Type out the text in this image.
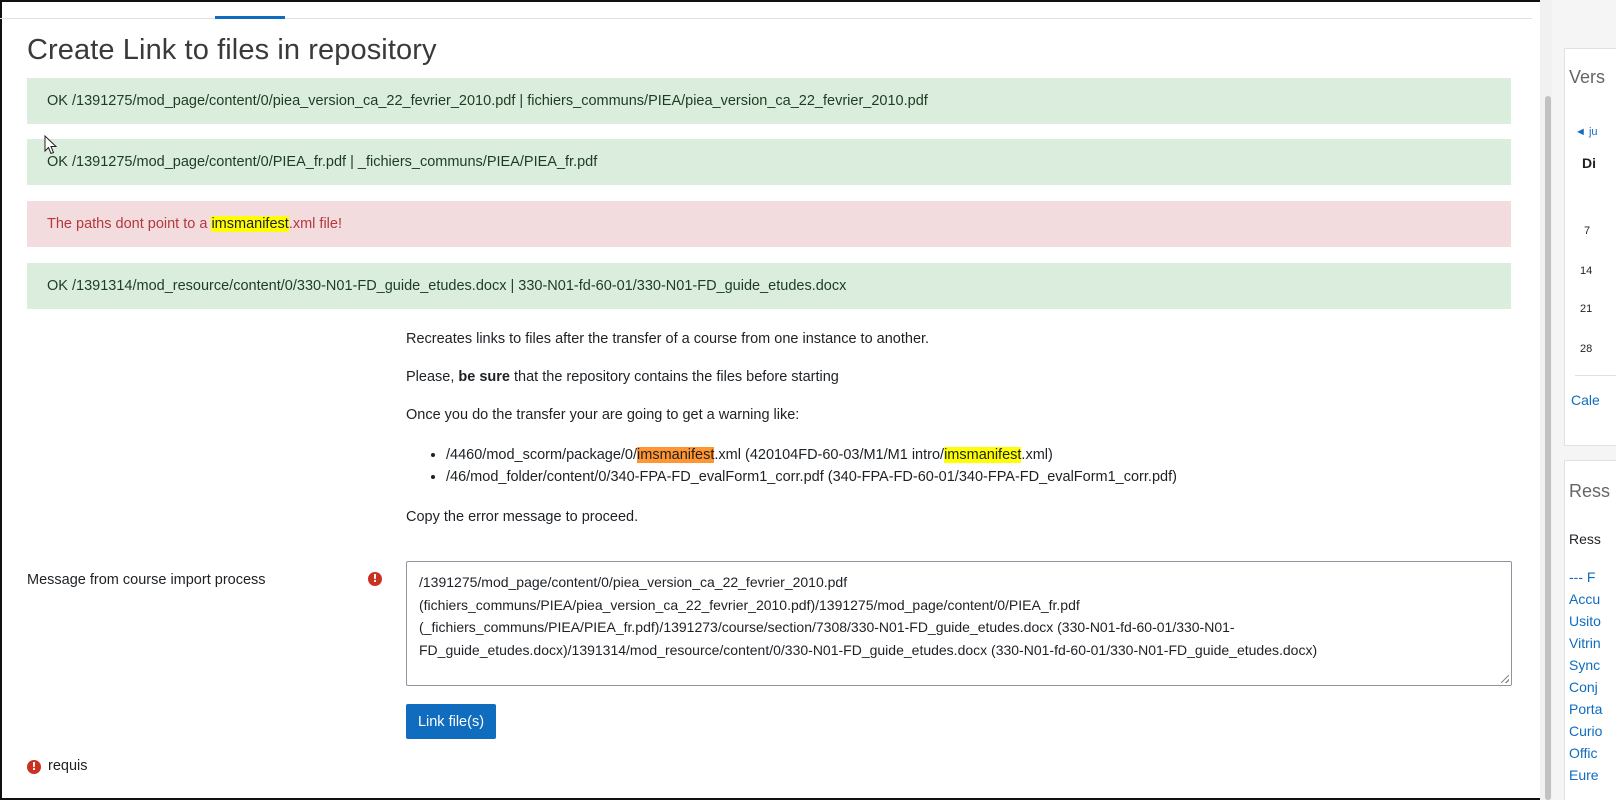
Create Link to files in repository
OK /1391275/mod_page/content/0/piea_version_ca_22_fevrier_2010.pdf | fichiers_communs/PIEA/piea_version_ca_22_fevrier_2010.pdf
OK /1391275/mod_page/content/0/PIEA_fr.pdf | _fichiers_communs/PIEA/PIEA_fr.pdf
The paths dont point to a imsmanifest.xml file!
OK /1391314/mod_resource/content/0/330-N01-FD_guide_etudes.docx | 330-N01-fd-60-01/330-N01-FD_guide_etudes.docx

Recreates links to files after the transfer of a course from one instance to another.

Please, be sure that the repository contains the files before starting

Once you do the transfer your are going to get a warning like:

• /4460/mod_scorm/package/0/imsmanifest.xml (420104FD-60-03/M1/M1 intro/imsmanifest.xml)
• /46/mod_folder/content/0/340-FPA-FD_evalForm1_corr.pdf (340-FPA-FD-60-01/340-FPA-FD_evalForm1_corr.pdf)

Copy the error message to proceed.

Message from course import process	!	/1391275/mod_page/content/0/piea_version_ca_22_fevrier_2010.pdf (fichiers_communs/PIEA/piea_version_ca_22_fevrier_2010.pdf)/1391275/mod_page/content/0/PIEA_fr.pdf (_fichiers_communs/PIEA/PIEA_fr.pdf)/1391273/course/section/7308/330-N01-FD_guide_etudes.docx (330-N01-fd-60-01/330-N01-FD_guide_etudes.docx)/1391314/mod_resource/content/0/330-N01-FD_guide_etudes.docx (330-N01-fd-60-01/330-N01-FD_guide_etudes.docx)
Link file(s)
! requis
Vers
◄ ju
Di
7
14
21
28
Cale
Ress
Ress
--- F
Accu
Usito
Vitrin
Sync
Conj
Porta
Curio
Offic
Eure
